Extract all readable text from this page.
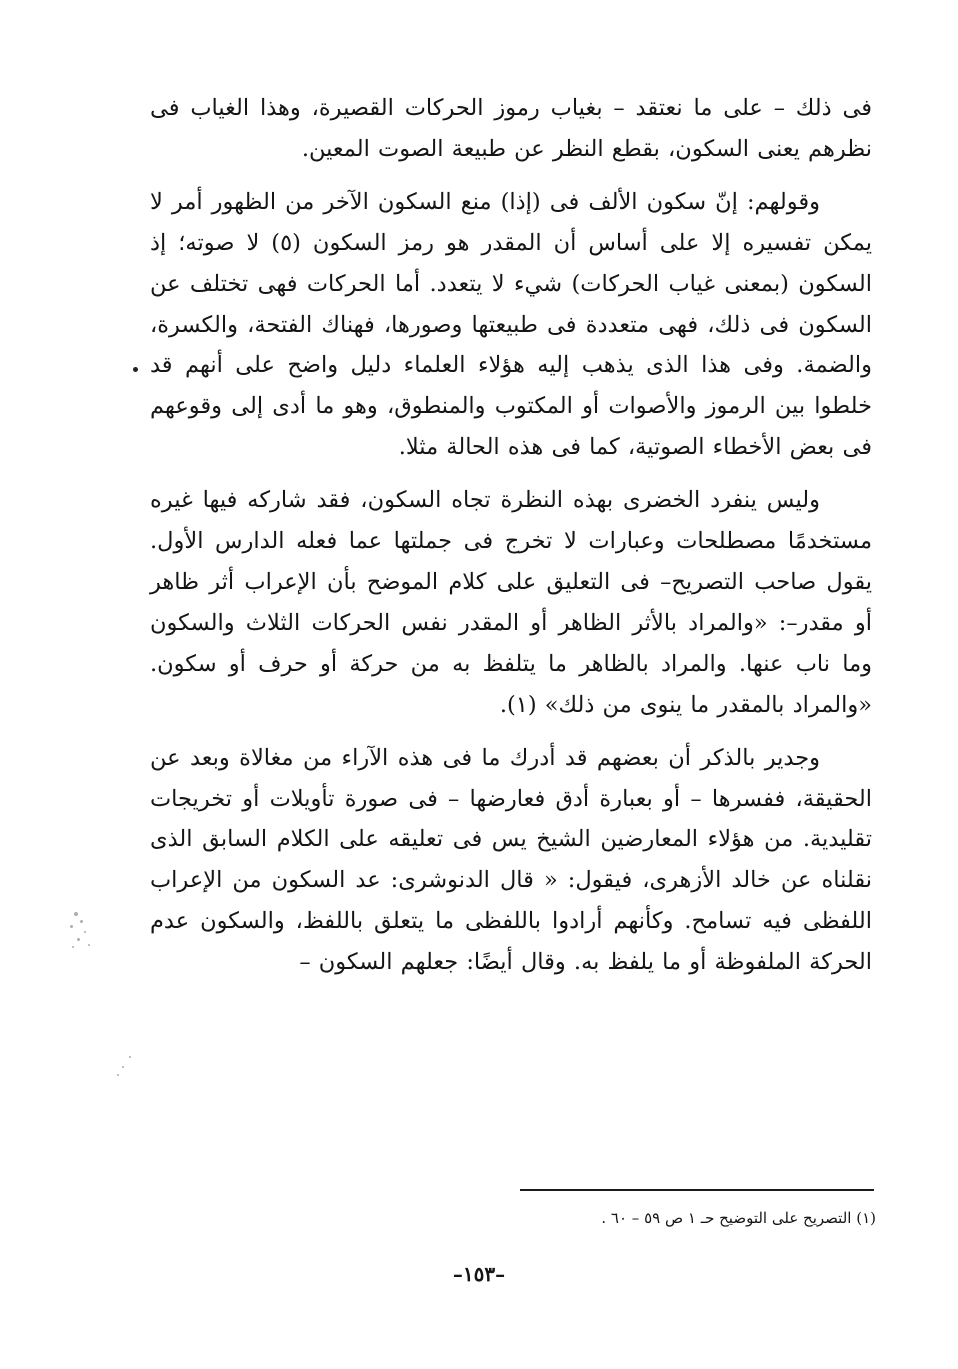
فى ذلك – على ما نعتقد – بغياب رموز الحركات القصيرة، وهذا الغياب فى نظرهم يعنى السكون، بقطع النظر عن طبيعة الصوت المعين.

وقولهم: إنّ سكون الألف فى (إذا) منع السكون الآخر من الظهور أمر لا يمكن تفسيره إلا على أساس أن المقدر هو رمز السكون (٥) لا صوته؛ إذ السكون (بمعنى غياب الحركات) شيء لا يتعدد. أما الحركات فهى تختلف عن السكون فى ذلك، فهى متعددة فى طبيعتها وصورها، فهناك الفتحة، والكسرة، والضمة. وفى هذا الذى يذهب إليه هؤلاء العلماء دليل واضح على أنهم قد خلطوا بين الرموز والأصوات أو المكتوب والمنطوق، وهو ما أدى إلى وقوعهم فى بعض الأخطاء الصوتية، كما فى هذه الحالة مثلا.

وليس ينفرد الخضرى بهذه النظرة تجاه السكون، فقد شاركه فيها غيره مستخدمًا مصطلحات وعبارات لا تخرج فى جملتها عما فعله الدارس الأول. يقول صاحب التصريح– فى التعليق على كلام الموضح بأن الإعراب أثر ظاهر أو مقدر–: «والمراد بالأثر الظاهر أو المقدر نفس الحركات الثلاث والسكون وما ناب عنها. والمراد بالظاهر ما يتلفظ به من حركة أو حرف أو سكون. «والمراد بالمقدر ما ينوى من ذلك» (١).

وجدير بالذكر أن بعضهم قد أدرك ما فى هذه الآراء من مغالاة وبعد عن الحقيقة، ففسرها – أو بعبارة أدق فعارضها – فى صورة تأويلات أو تخريجات تقليدية. من هؤلاء المعارضين الشيخ يس فى تعليقه على الكلام السابق الذى نقلناه عن خالد الأزهرى، فيقول: « قال الدنوشرى: عد السكون من الإعراب اللفظى فيه تسامح. وكأنهم أرادوا باللفظى ما يتعلق باللفظ، والسكون عدم الحركة الملفوظة أو ما يلفظ به. وقال أيضًا: جعلهم السكون –

(١) التصريح على التوضيح حـ ١ ص ٥٩ – ٦٠ .

–١٥٣–
